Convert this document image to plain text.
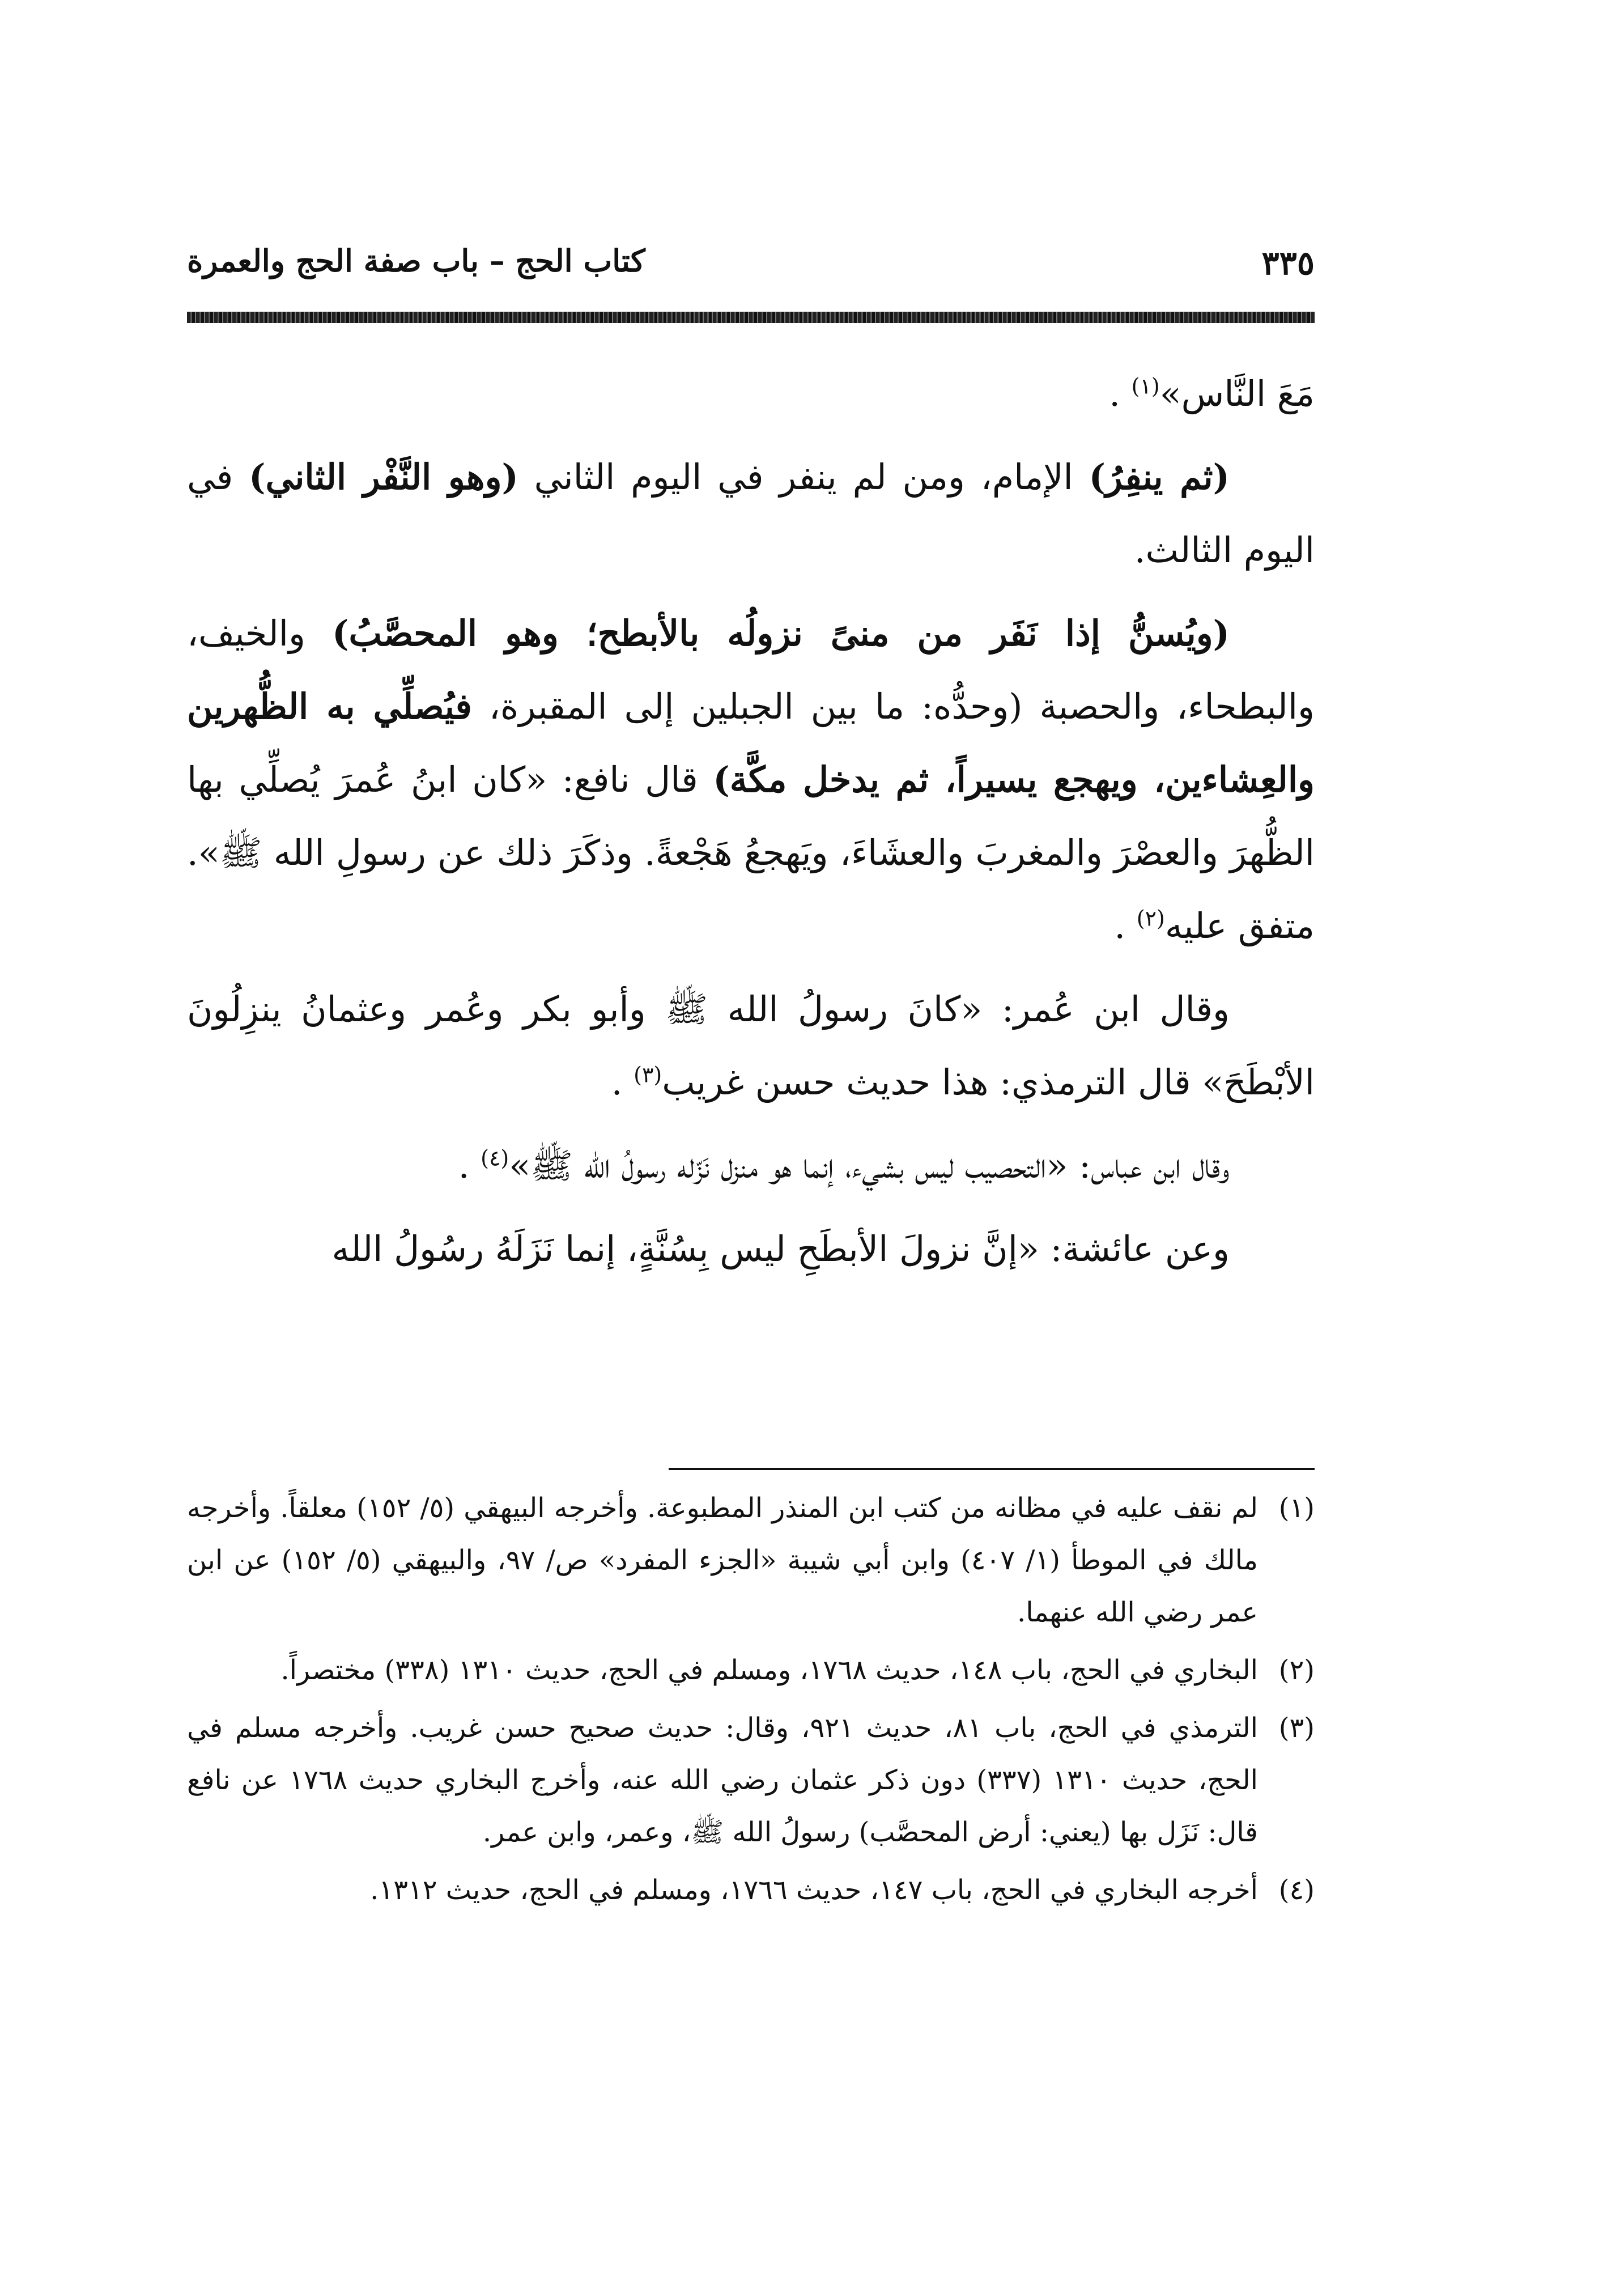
٣٣٥
كتاب الحج – باب صفة الحج والعمرة

مَعَ النَّاس»$^{(١)}$ .

(ثم ينفِرُ) الإمام، ومن لم ينفر في اليوم الثاني (وهو النَّفْر الثاني) في اليوم الثالث.

(ويُسنُّ إذا نَفَر من منىً نزولُه بالأبطح؛ وهو المحصَّبُ) والخيف، والبطحاء، والحصبة (وحدُّه: ما بين الجبلين إلى المقبرة، فيُصلِّي به الظُّهرين والعِشاءين، ويهجع يسيراً، ثم يدخل مكَّة) قال نافع: «كان ابنُ عُمرَ يُصلِّي بها الظُّهرَ والعصْرَ والمغربَ والعشَاءَ، ويَهجعُ هَجْعةً. وذكَرَ ذلك عن رسولِ الله ﷺ». متفق عليه$^{(٢)}$ .

وقال ابن عُمر: «كانَ رسولُ الله ﷺ وأبو بكر وعُمر وعثمانُ ينزِلُونَ الأبْطَحَ» قال الترمذي: هذا حديث حسن غريب$^{(٣)}$ .

وقال ابن عباس: «التحصيب ليس بشيء، إنما هو منزل نَزّله رسولُ الله ﷺ»$^{(٤)}$ .

وعن عائشة: «إنَّ نزولَ الأبطَحِ ليس بِسُنَّةٍ، إنما نَزَلَهُ رسُولُ الله

(١)لم نقف عليه في مظانه من كتب ابن المنذر المطبوعة. وأخرجه البيهقي (٥/ ١٥٢) معلقاً. وأخرجه مالك في الموطأ (١/ ٤٠٧) وابن أبي شيبة «الجزء المفرد» ص/ ٩٧، والبيهقي (٥/ ١٥٢) عن ابن عمر رضي الله عنهما.

(٢)البخاري في الحج، باب ١٤٨، حديث ١٧٦٨، ومسلم في الحج، حديث ١٣١٠ (٣٣٨) مختصراً.

(٣)الترمذي في الحج، باب ٨١، حديث ٩٢١، وقال: حديث صحيح حسن غريب. وأخرجه مسلم في الحج، حديث ١٣١٠ (٣٣٧) دون ذكر عثمان رضي الله عنه، وأخرج البخاري حديث ١٧٦٨ عن نافع قال: نَزَل بها (يعني: أرض المحصَّب) رسولُ الله ﷺ، وعمر، وابن عمر.

(٤)أخرجه البخاري في الحج، باب ١٤٧، حديث ١٧٦٦، ومسلم في الحج، حديث ١٣١٢.
